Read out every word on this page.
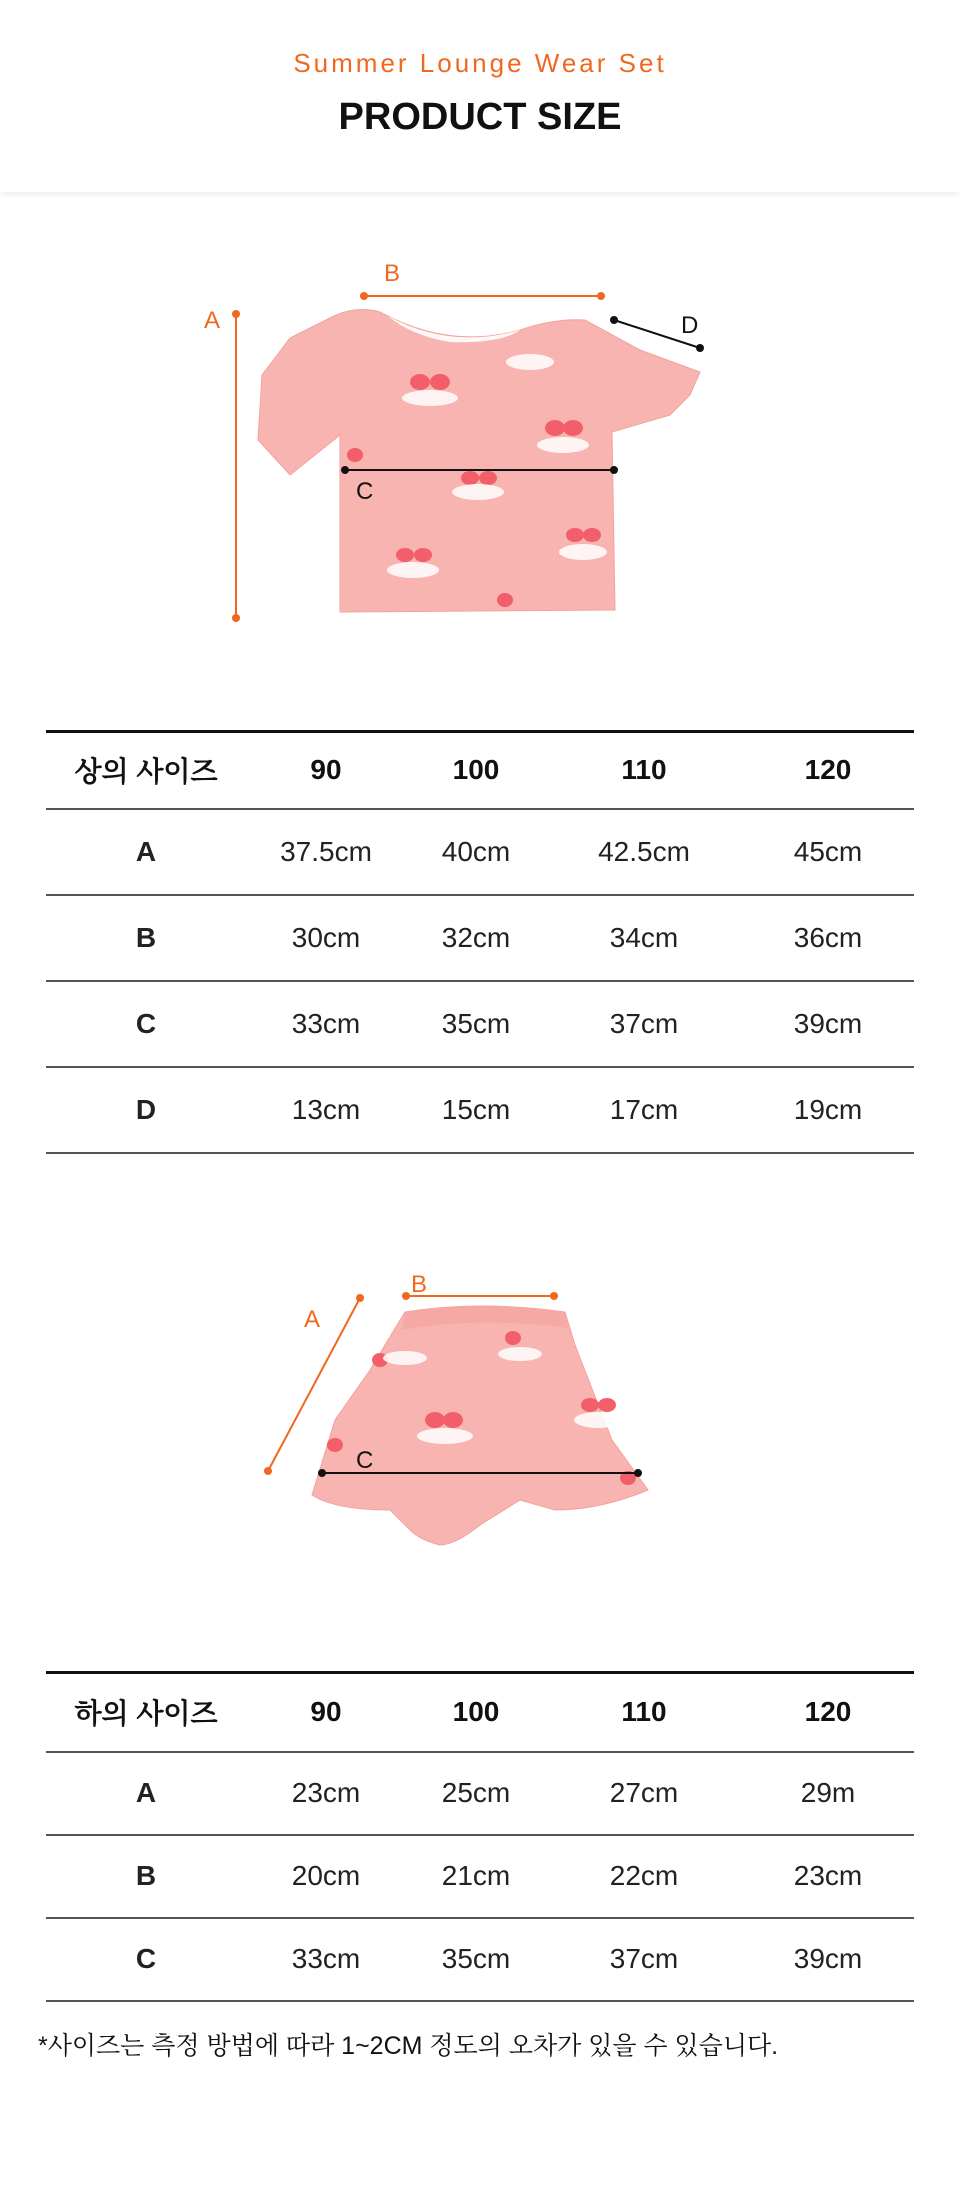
Summer Lounge Wear Set
PRODUCT SIZE
A
B
C
D
상의 사이즈	90	100	110	120
A	37.5cm	40cm	42.5cm	45cm
B	30cm	32cm	34cm	36cm
C	33cm	35cm	37cm	39cm
D	13cm	15cm	17cm	19cm
A
B
C
하의 사이즈	90	100	110	120
A	23cm	25cm	27cm	29m
B	20cm	21cm	22cm	23cm
C	33cm	35cm	37cm	39cm
*사이즈는 측정 방법에 따라 1~2CM 정도의 오차가 있을 수 있습니다.
